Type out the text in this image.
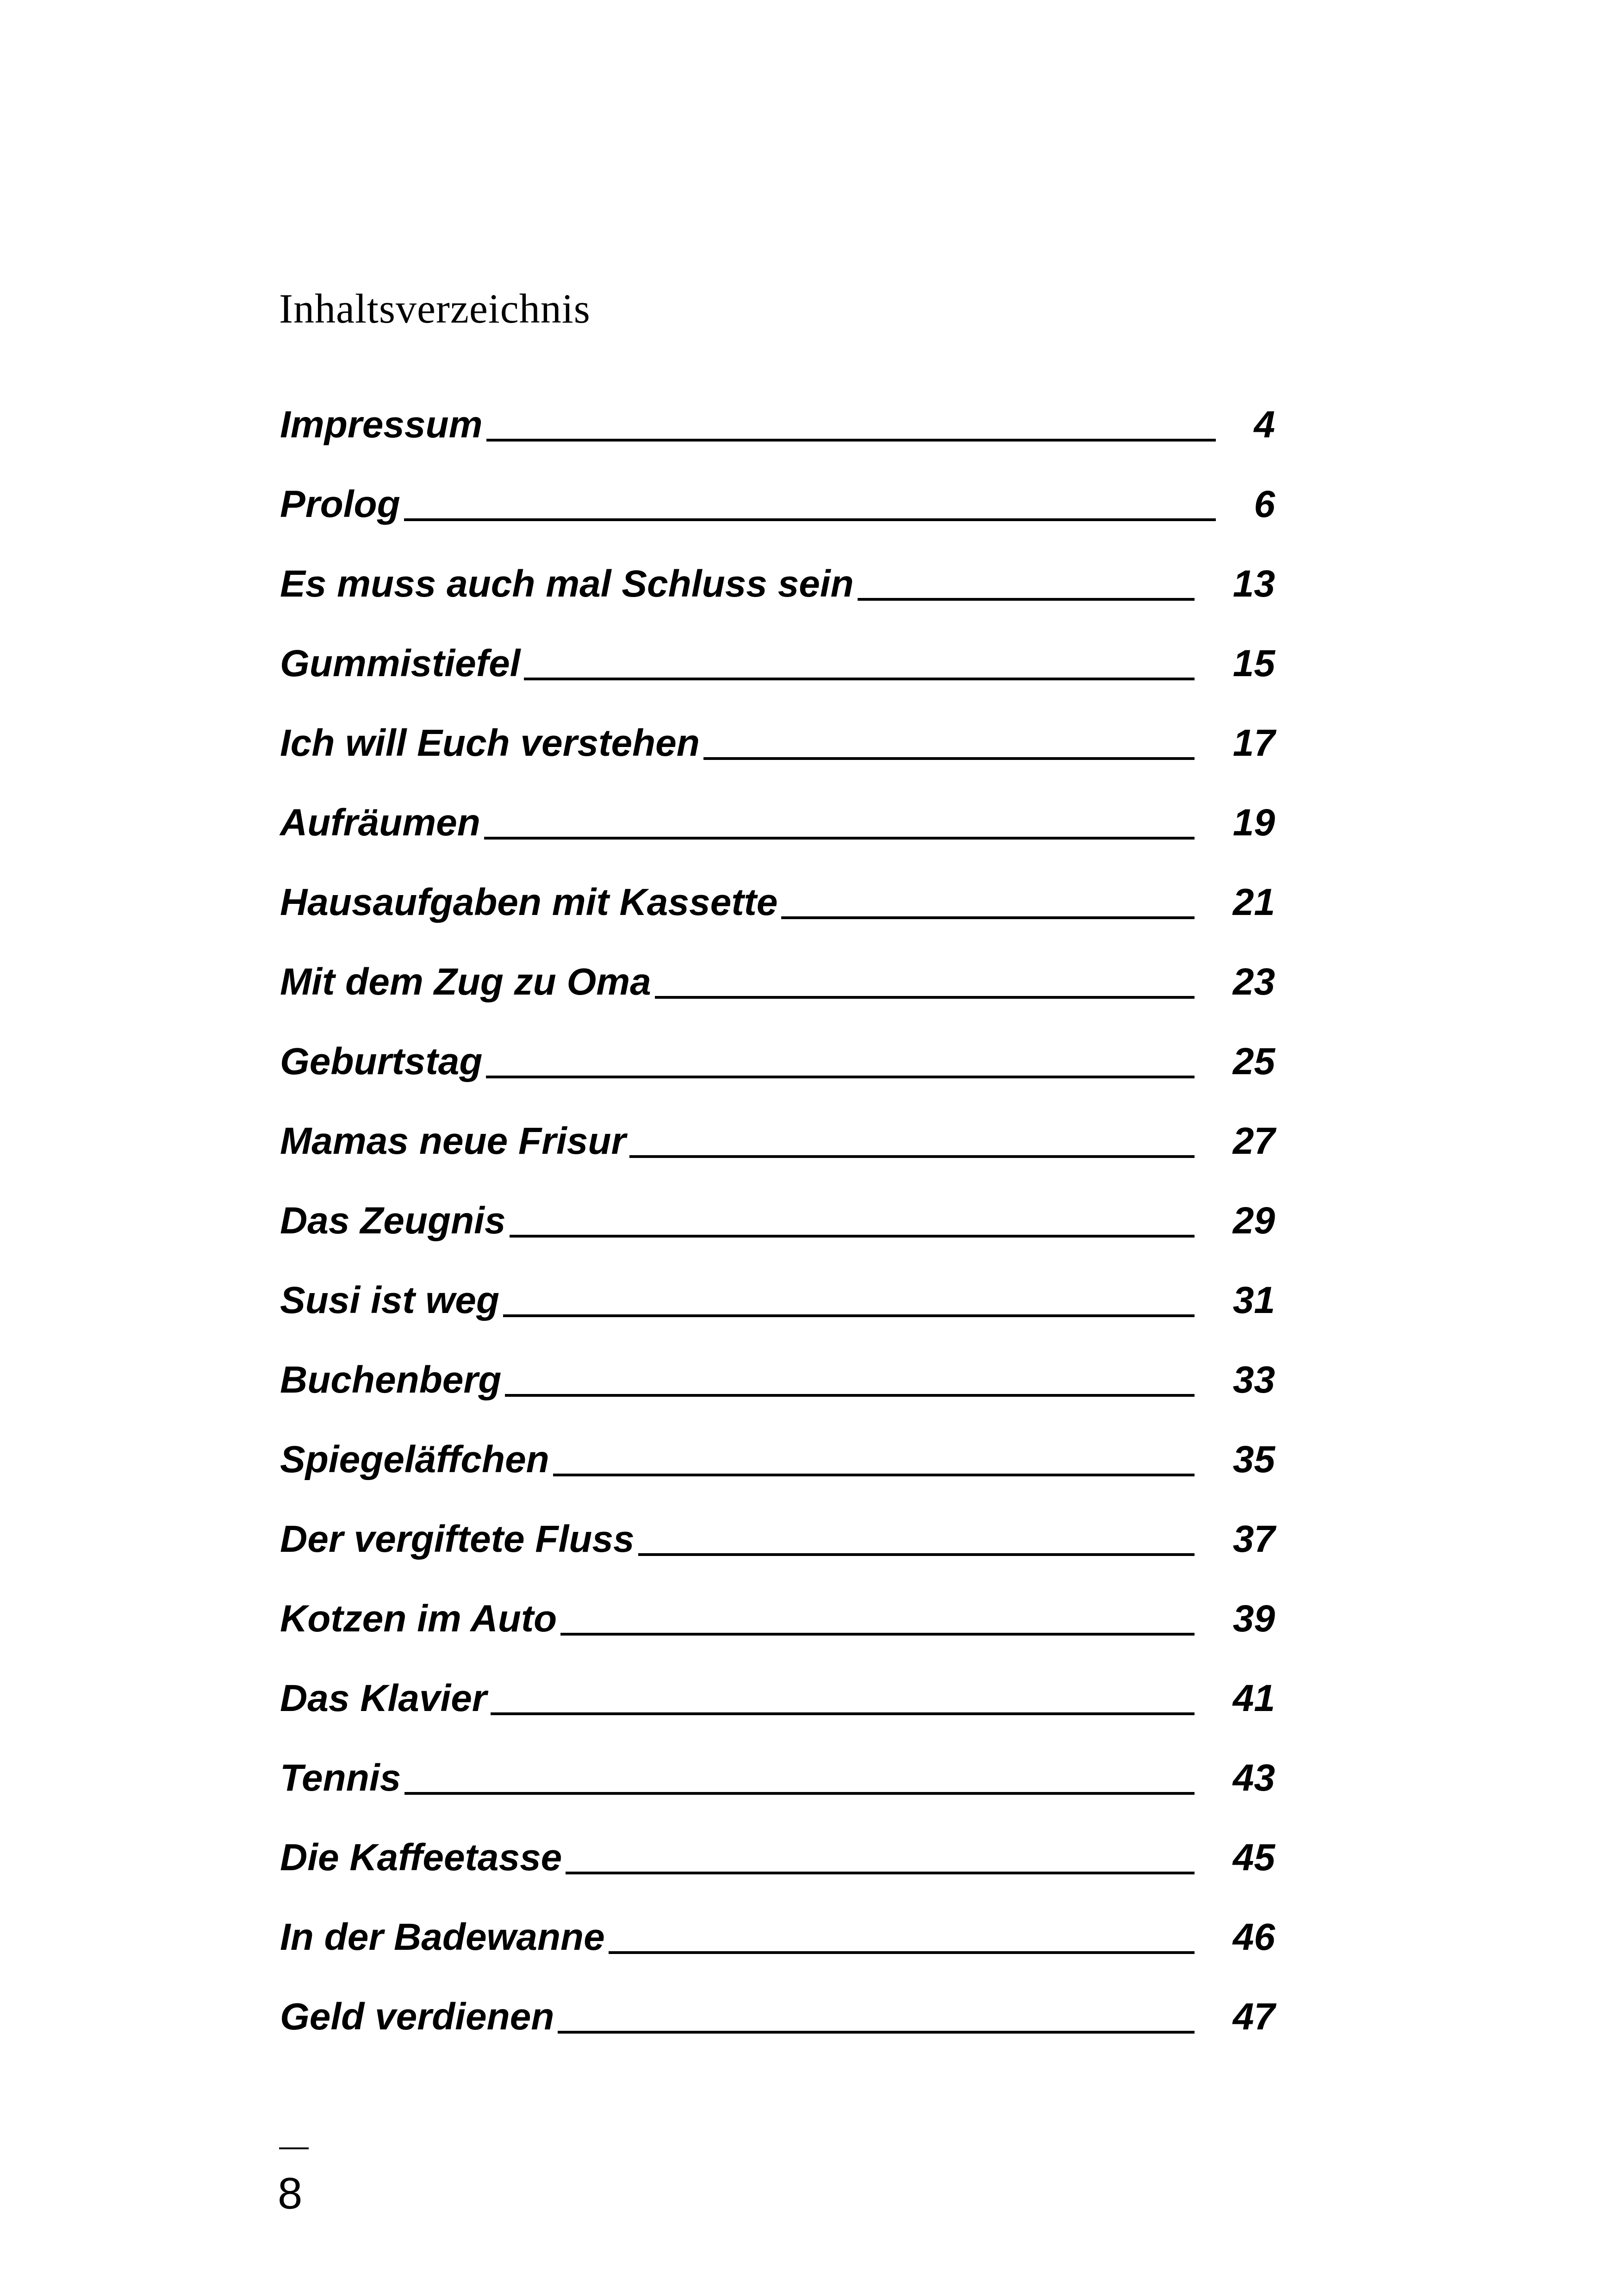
Inhaltsverzeichnis
Impressum	4
Prolog	6
Es muss auch mal Schluss sein	13
Gummistiefel	15
Ich will Euch verstehen	17
Aufräumen	19
Hausaufgaben mit Kassette	21
Mit dem Zug zu Oma	23
Geburtstag	25
Mamas neue Frisur	27
Das Zeugnis	29
Susi ist weg	31
Buchenberg	33
Spiegeläffchen	35
Der vergiftete Fluss	37
Kotzen im Auto	39
Das Klavier	41
Tennis	43
Die Kaffeetasse	45
In der Badewanne	46
Geld verdienen	47
8
